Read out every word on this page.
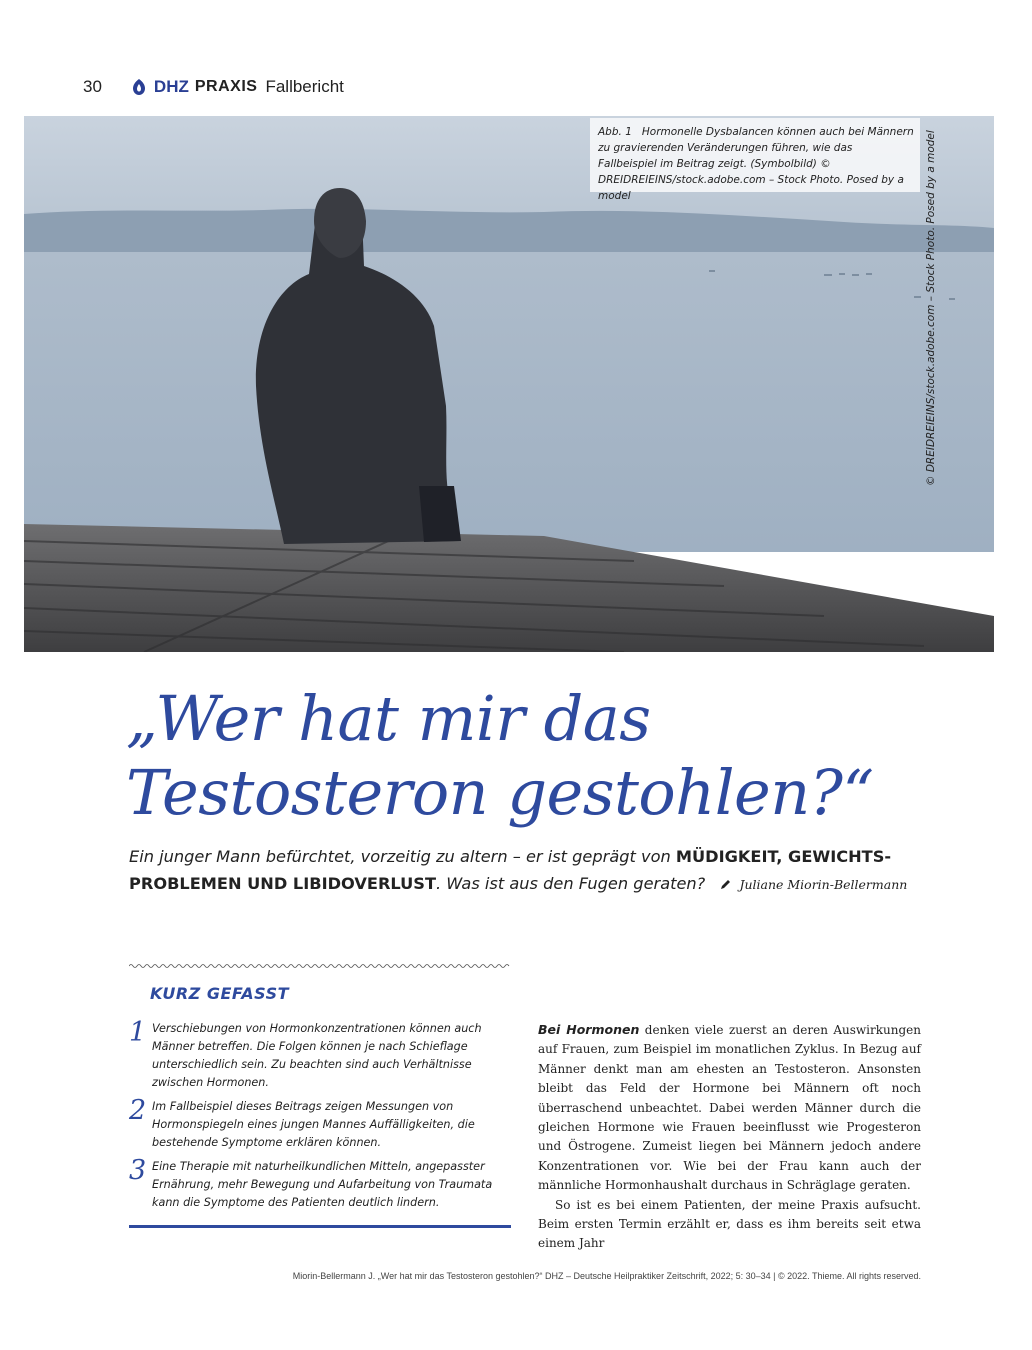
30	DHZ PRAXIS Fallbericht
Abb. 1 Hormonelle Dysbalancen können auch bei Männern zu gravierenden Veränderungen führen, wie das Fallbeispiel im Beitrag zeigt. (Symbolbild) © DREIDREIEINS/stock.adobe.com – Stock Photo. Posed by a model	© DREIDREIEINS/stock.adobe.com – Stock Photo. Posed by a model
„Wer hat mir das
Testosteron gestohlen?“
Ein junger Mann befürchtet, vorzeitig zu altern – er ist geprägt von MÜDIGKEIT, GEWICHTS-PROBLEMEN UND LIBIDOVERLUST. Was ist aus den Fugen geraten?	Juliane Miorin-Bellermann
KURZ GEFASST
1 Verschiebungen von Hormonkonzentrationen können auch Männer betreffen. Die Folgen können je nach Schieflage unterschiedlich sein. Zu beachten sind auch Verhältnisse zwischen Hormonen.
2 Im Fallbeispiel dieses Beitrags zeigen Messungen von Hormonspiegeln eines jungen Mannes Auffälligkeiten, die bestehende Symptome erklären können.
3 Eine Therapie mit naturheilkundlichen Mitteln, angepasster Ernährung, mehr Bewegung und Aufarbeitung von Traumata kann die Symptome des Patienten deutlich lindern.

Bei Hormonen denken viele zuerst an deren Auswirkungen auf Frauen, zum Beispiel im monatlichen Zyklus. In Bezug auf Männer denkt man am ehesten an Testosteron. Ansonsten bleibt das Feld der Hormone bei Männern oft noch überraschend unbeachtet. Dabei werden Männer durch die gleichen Hormone wie Frauen beeinflusst wie Progesteron und Östrogene. Zumeist liegen bei Männern jedoch andere Konzentrationen vor. Wie bei der Frau kann auch der männliche Hormonhaushalt durchaus in Schräglage geraten.

So ist es bei einem Patienten, der meine Praxis aufsucht. Beim ersten Termin erzählt er, dass es ihm bereits seit etwa einem Jahr

Miorin-Bellermann J. „Wer hat mir das Testosteron gestohlen?“ DHZ – Deutsche Heilpraktiker Zeitschrift, 2022; 5: 30–34 | © 2022. Thieme. All rights reserved.
